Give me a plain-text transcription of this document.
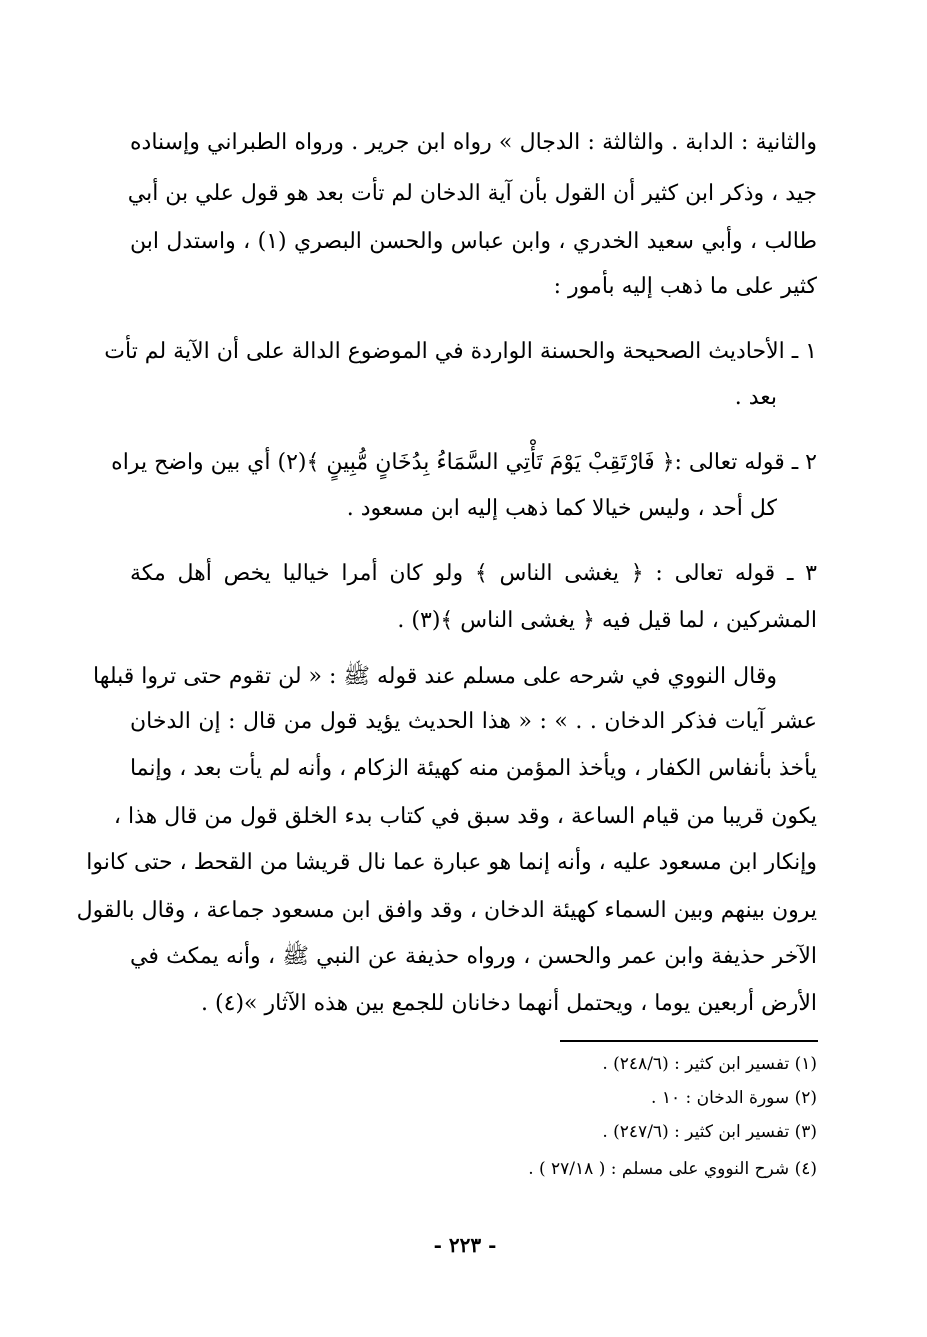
والثانية : الدابة . والثالثة : الدجال » رواه ابن جرير . ورواه الطبراني وإسناده
جيد ، وذكر ابن كثير أن القول بأن آية الدخان لم تأت بعد هو قول علي بن أبي
طالب ، وأبي سعيد الخدري ، وابن عباس والحسن البصري (١) ، واستدل ابن
كثير على ما ذهب إليه بأمور :
١ ـ الأحاديث الصحيحة والحسنة الواردة في الموضوع الدالة على أن الآية لم تأت
بعد .
٢ ـ قوله تعالى :﴿ فَارْتَقِبْ يَوْمَ تَأْتِي السَّمَاءُ بِدُخَانٍ مُّبِينٍ ﴾(٢) أي بين واضح يراه
كل أحد ، وليس خيالا كما ذهب إليه ابن مسعود .
٣ ـ قوله تعالى : ﴿ يغشى الناس ﴾ ولو كان أمرا خياليا يخص أهل مكة
المشركين ، لما قيل فيه ﴿ يغشى الناس ﴾(٣) .
وقال النووي في شرحه على مسلم عند قوله ﷺ : « لن تقوم حتى تروا قبلها
عشر آيات فذكر الدخان . . » : « هذا الحديث يؤيد قول من قال : إن الدخان
يأخذ بأنفاس الكفار ، ويأخذ المؤمن منه كهيئة الزكام ، وأنه لم يأت بعد ، وإنما
يكون قريبا من قيام الساعة ، وقد سبق في كتاب بدء الخلق قول من قال هذا ،
وإنكار ابن مسعود عليه ، وأنه إنما هو عبارة عما نال قريشا من القحط ، حتى كانوا
يرون بينهم وبين السماء كهيئة الدخان ، وقد وافق ابن مسعود جماعة ، وقال بالقول
الآخر حذيفة وابن عمر والحسن ، ورواه حذيفة عن النبي ﷺ ، وأنه يمكث في
الأرض أربعين يوما ، ويحتمل أنهما دخانان للجمع بين هذه الآثار »(٤) .
(١) تفسير ابن كثير : (٢٤٨/٦) .
(٢) سورة الدخان : ١٠ .
(٣) تفسير ابن كثير : (٢٤٧/٦) .
(٤) شرح النووي على مسلم : ( ٢٧/١٨ ) .
- ٢٢٣ -
